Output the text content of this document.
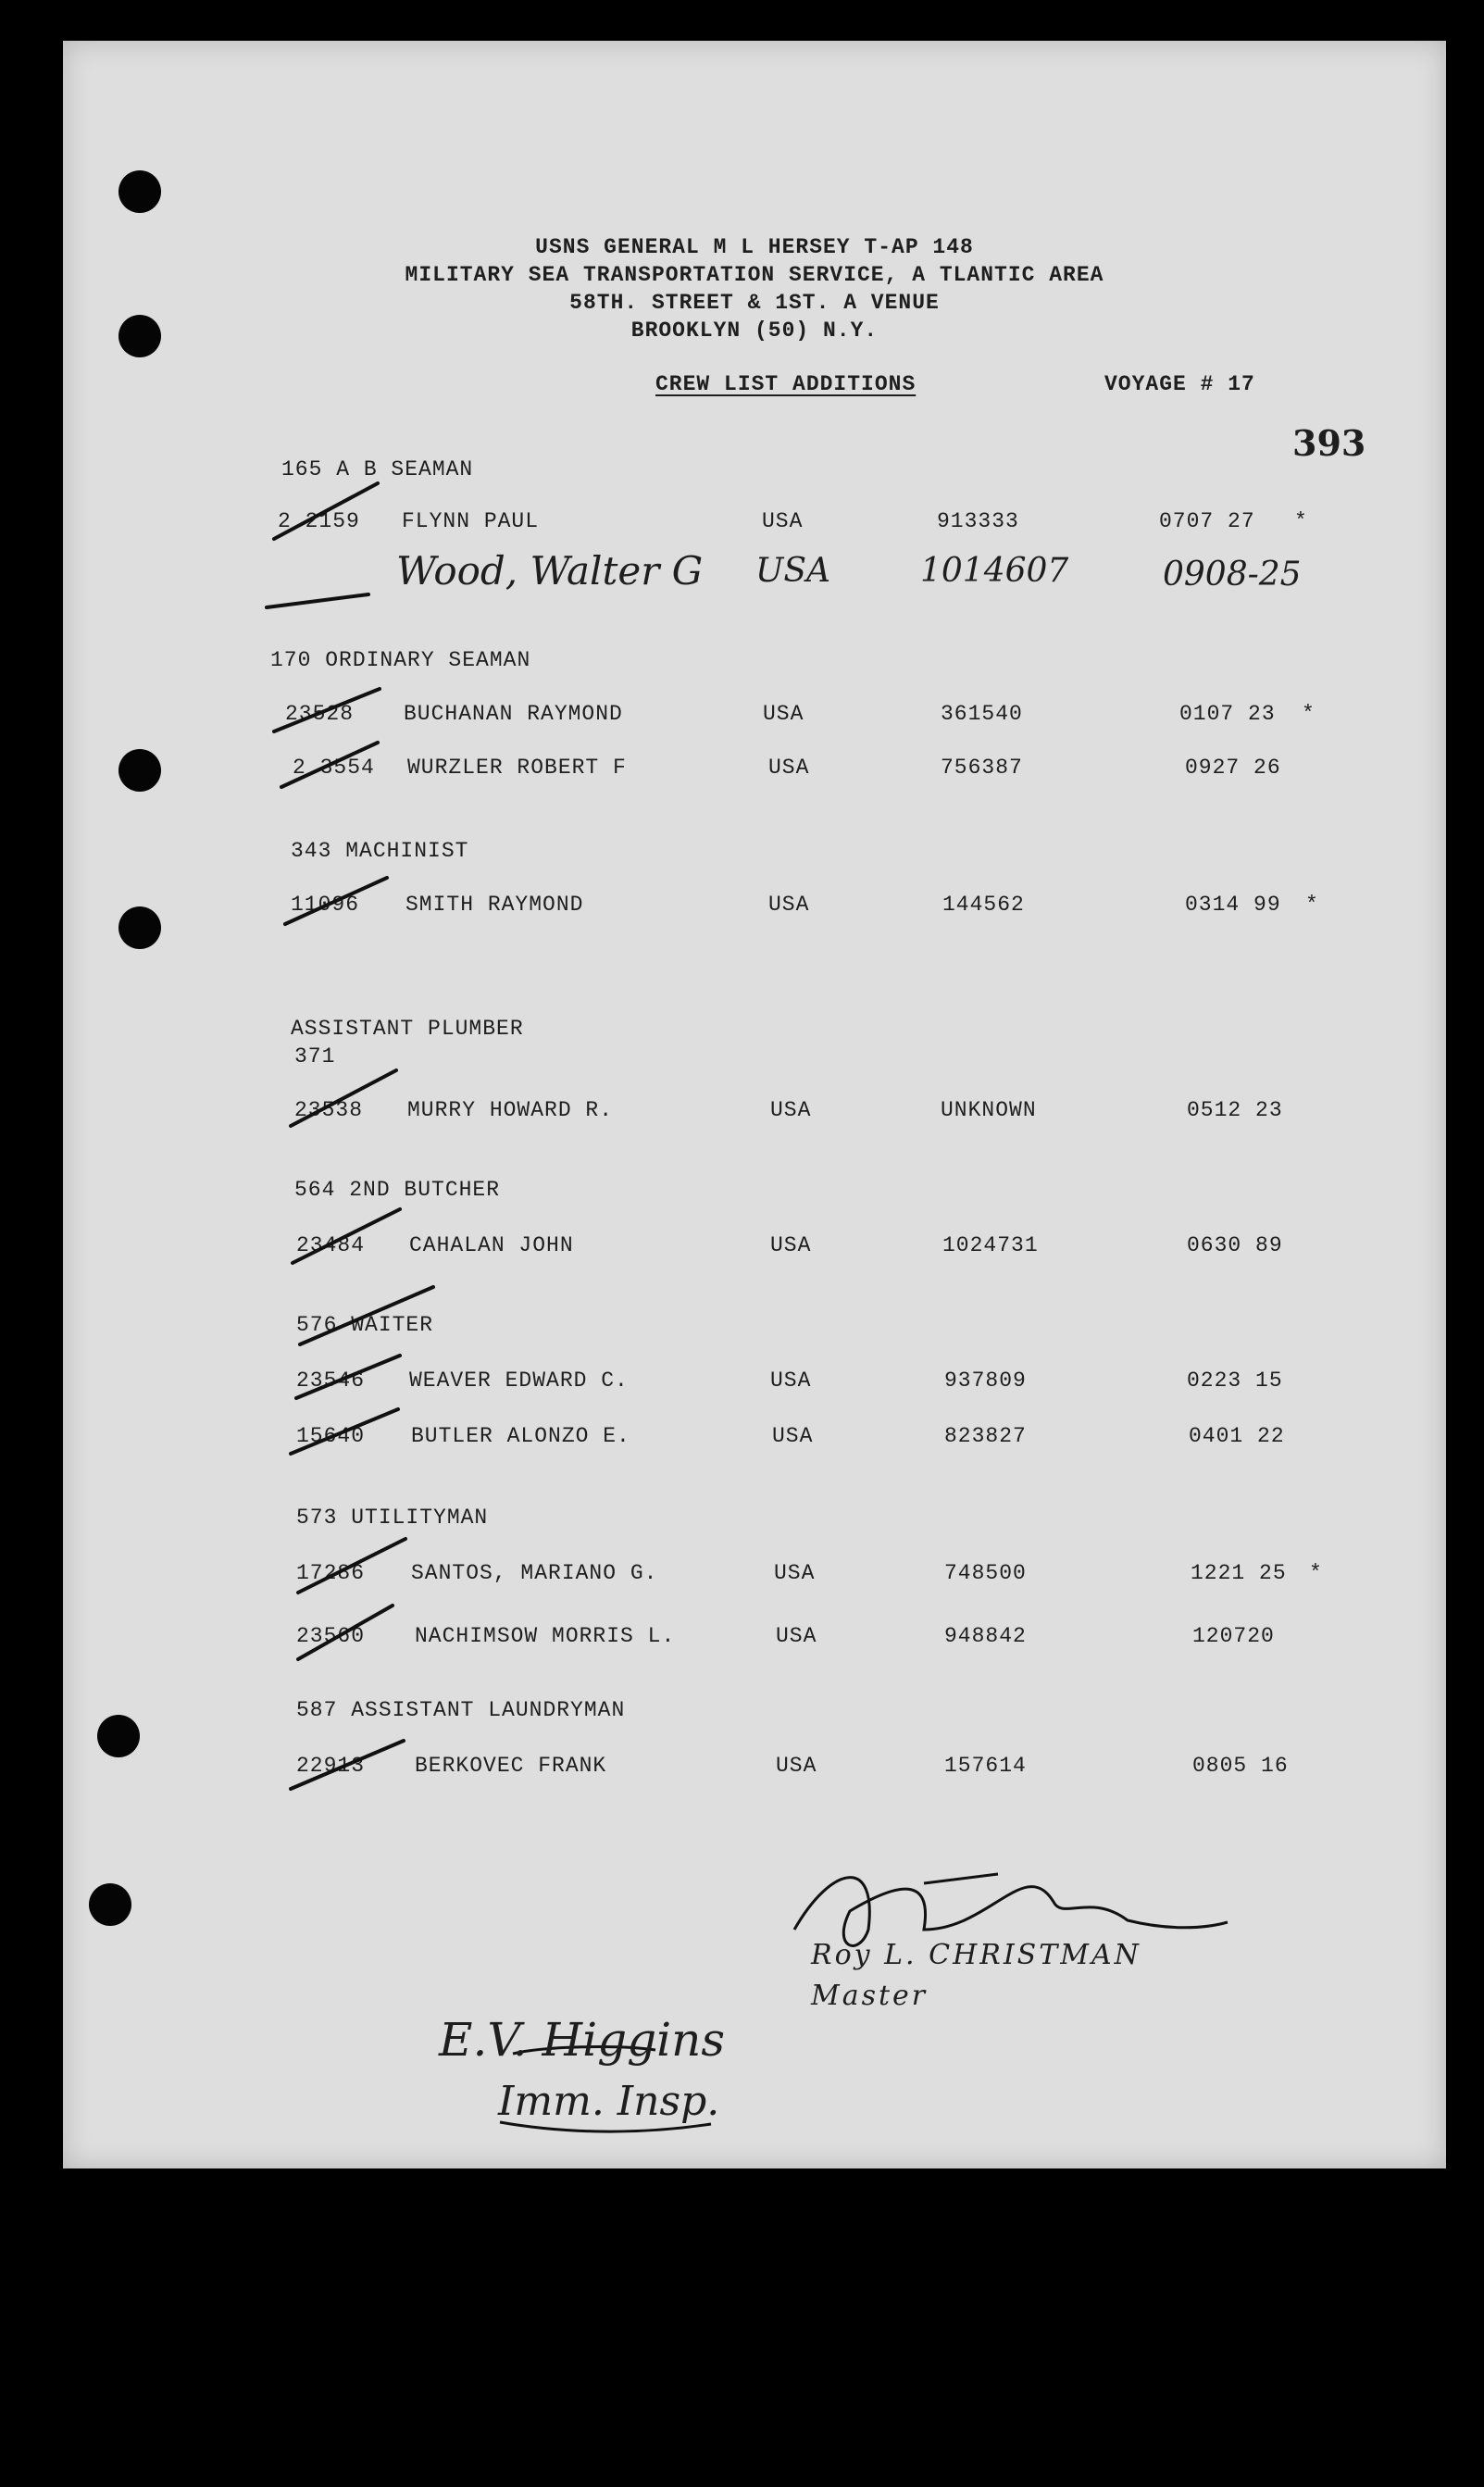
USNS GENERAL M L HERSEY T-AP 148
MILITARY SEA TRANSPORTATION SERVICE, A TLANTIC AREA
58TH. STREET & 1ST. A VENUE
BROOKLYN (50) N.Y.
CREW LIST ADDITIONS	VOYAGE # 17
393
165 A B SEAMAN
2 2159 FLYNN PAUL	USA	913333	0707 27 *
Wood, Walter G USA	1014607	0908-25
170 ORDINARY SEAMAN
23528 BUCHANAN RAYMOND	USA	361540	0107 23 *
2 3554 WURZLER ROBERT F	USA	756387	0927 26
343 MACHINIST
11096 SMITH RAYMOND	USA	144562	0314 99 *
ASSISTANT PLUMBER
371
23538 MURRY HOWARD R.	USA	UNKNOWN	0512 23
564 2ND BUTCHER
23484 CAHALAN JOHN	USA	1024731	0630 89
576 WAITER
23546 WEAVER EDWARD C.	USA	937809	0223 15
15640 BUTLER ALONZO E.	USA	823827	0401 22
573 UTILITYMAN
17286 SANTOS, MARIANO G.	USA	748500	1221 25 *
23560 NACHIMSOW MORRIS L.	USA	948842	120720
587 ASSISTANT LAUNDRYMAN
22913 BERKOVEC FRANK	USA	157614	0805 16
Roy L. CHRISTMAN
Master
E.V. Higgins
Imm. Insp.
